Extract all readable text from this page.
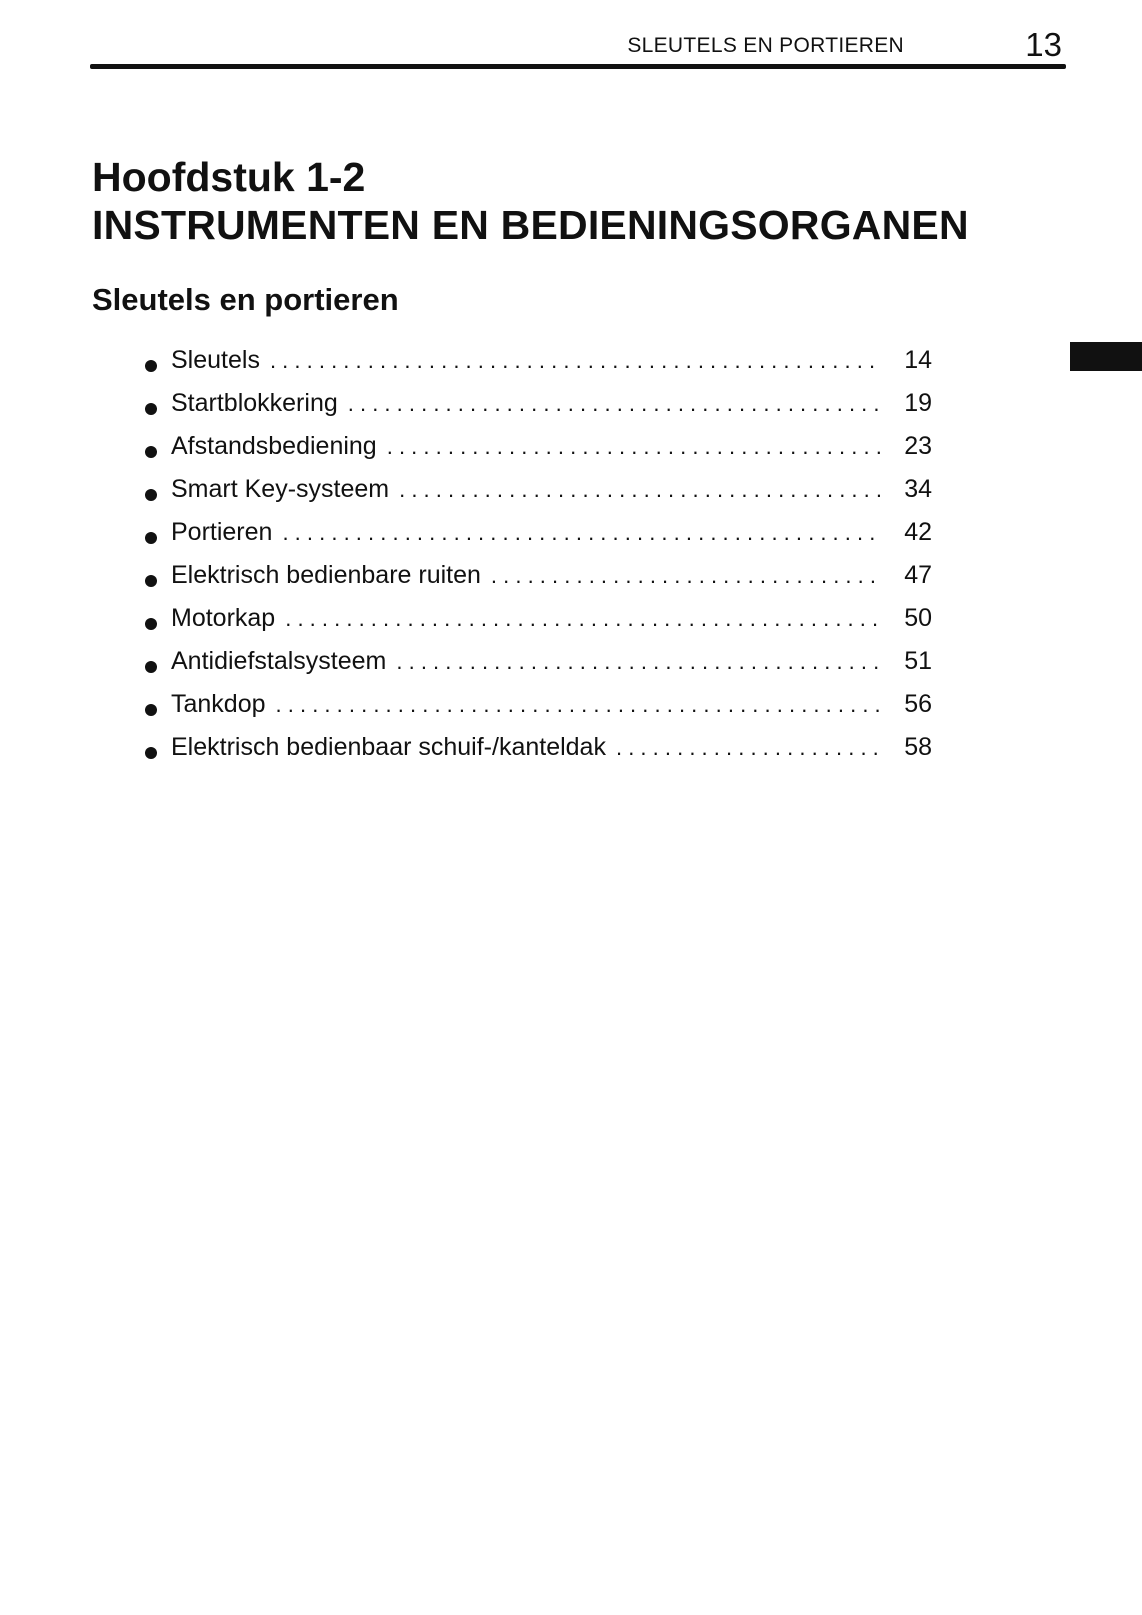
SLEUTELS EN PORTIEREN	13
Hoofdstuk 1-2
INSTRUMENTEN EN BEDIENINGSORGANEN
Sleutels en portieren
Sleutels . . .	14
Startblokkering . . .	19
Afstandsbediening . . .	23
Smart Key-systeem . . .	34
Portieren . . .	42
Elektrisch bedienbare ruiten . . .	47
Motorkap . . .	50
Antidiefstalsysteem . . .	51
Tankdop . . .	56
Elektrisch bedienbaar schuif-/kanteldak . . .	58
